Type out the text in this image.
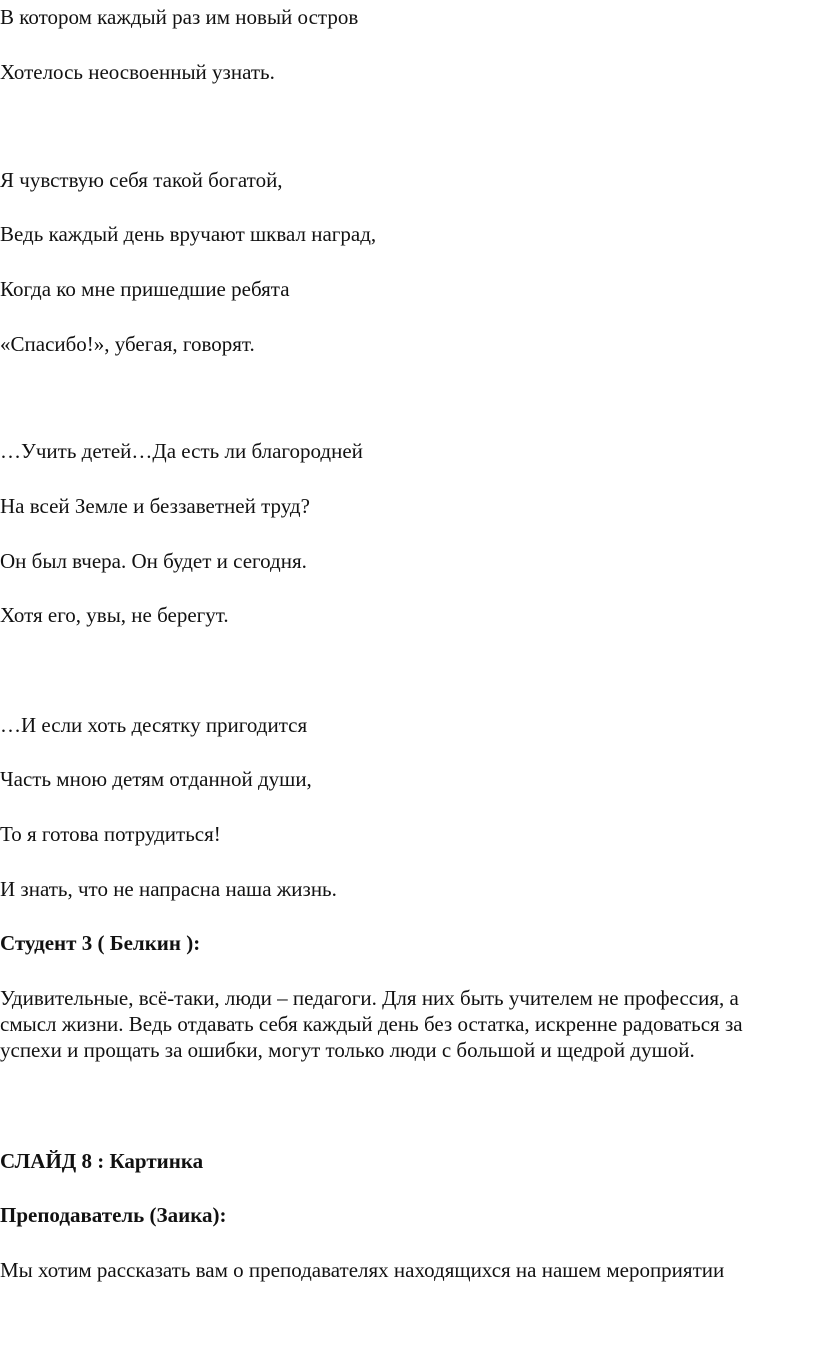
В котором каждый раз им новый остров

Хотелось неосвоенный узнать.

Я чувствую себя такой богатой,

Ведь каждый день вручают шквал наград,

Когда ко мне пришедшие ребята

«Спасибо!», убегая, говорят.

…Учить детей…Да есть ли благородней

На всей Земле и беззаветней труд?

Он был вчера. Он будет и сегодня.

Хотя его, увы, не берегут.

…И если хоть десятку пригодится

Часть мною детям отданной души,

То я готова потрудиться!

И знать, что не напрасна наша жизнь.

Студент 3 ( Белкин ):

Удивительные, всё-таки, люди – педагоги. Для них быть учителем не профессия, а смысл жизни. Ведь отдавать себя каждый день без остатка, искренне радоваться за успехи и прощать за ошибки, могут только люди с большой и щедрой душой.

СЛАЙД 8 : Картинка

Преподаватель (Заика):

Мы хотим рассказать вам о преподавателях находящихся на нашем мероприятии
